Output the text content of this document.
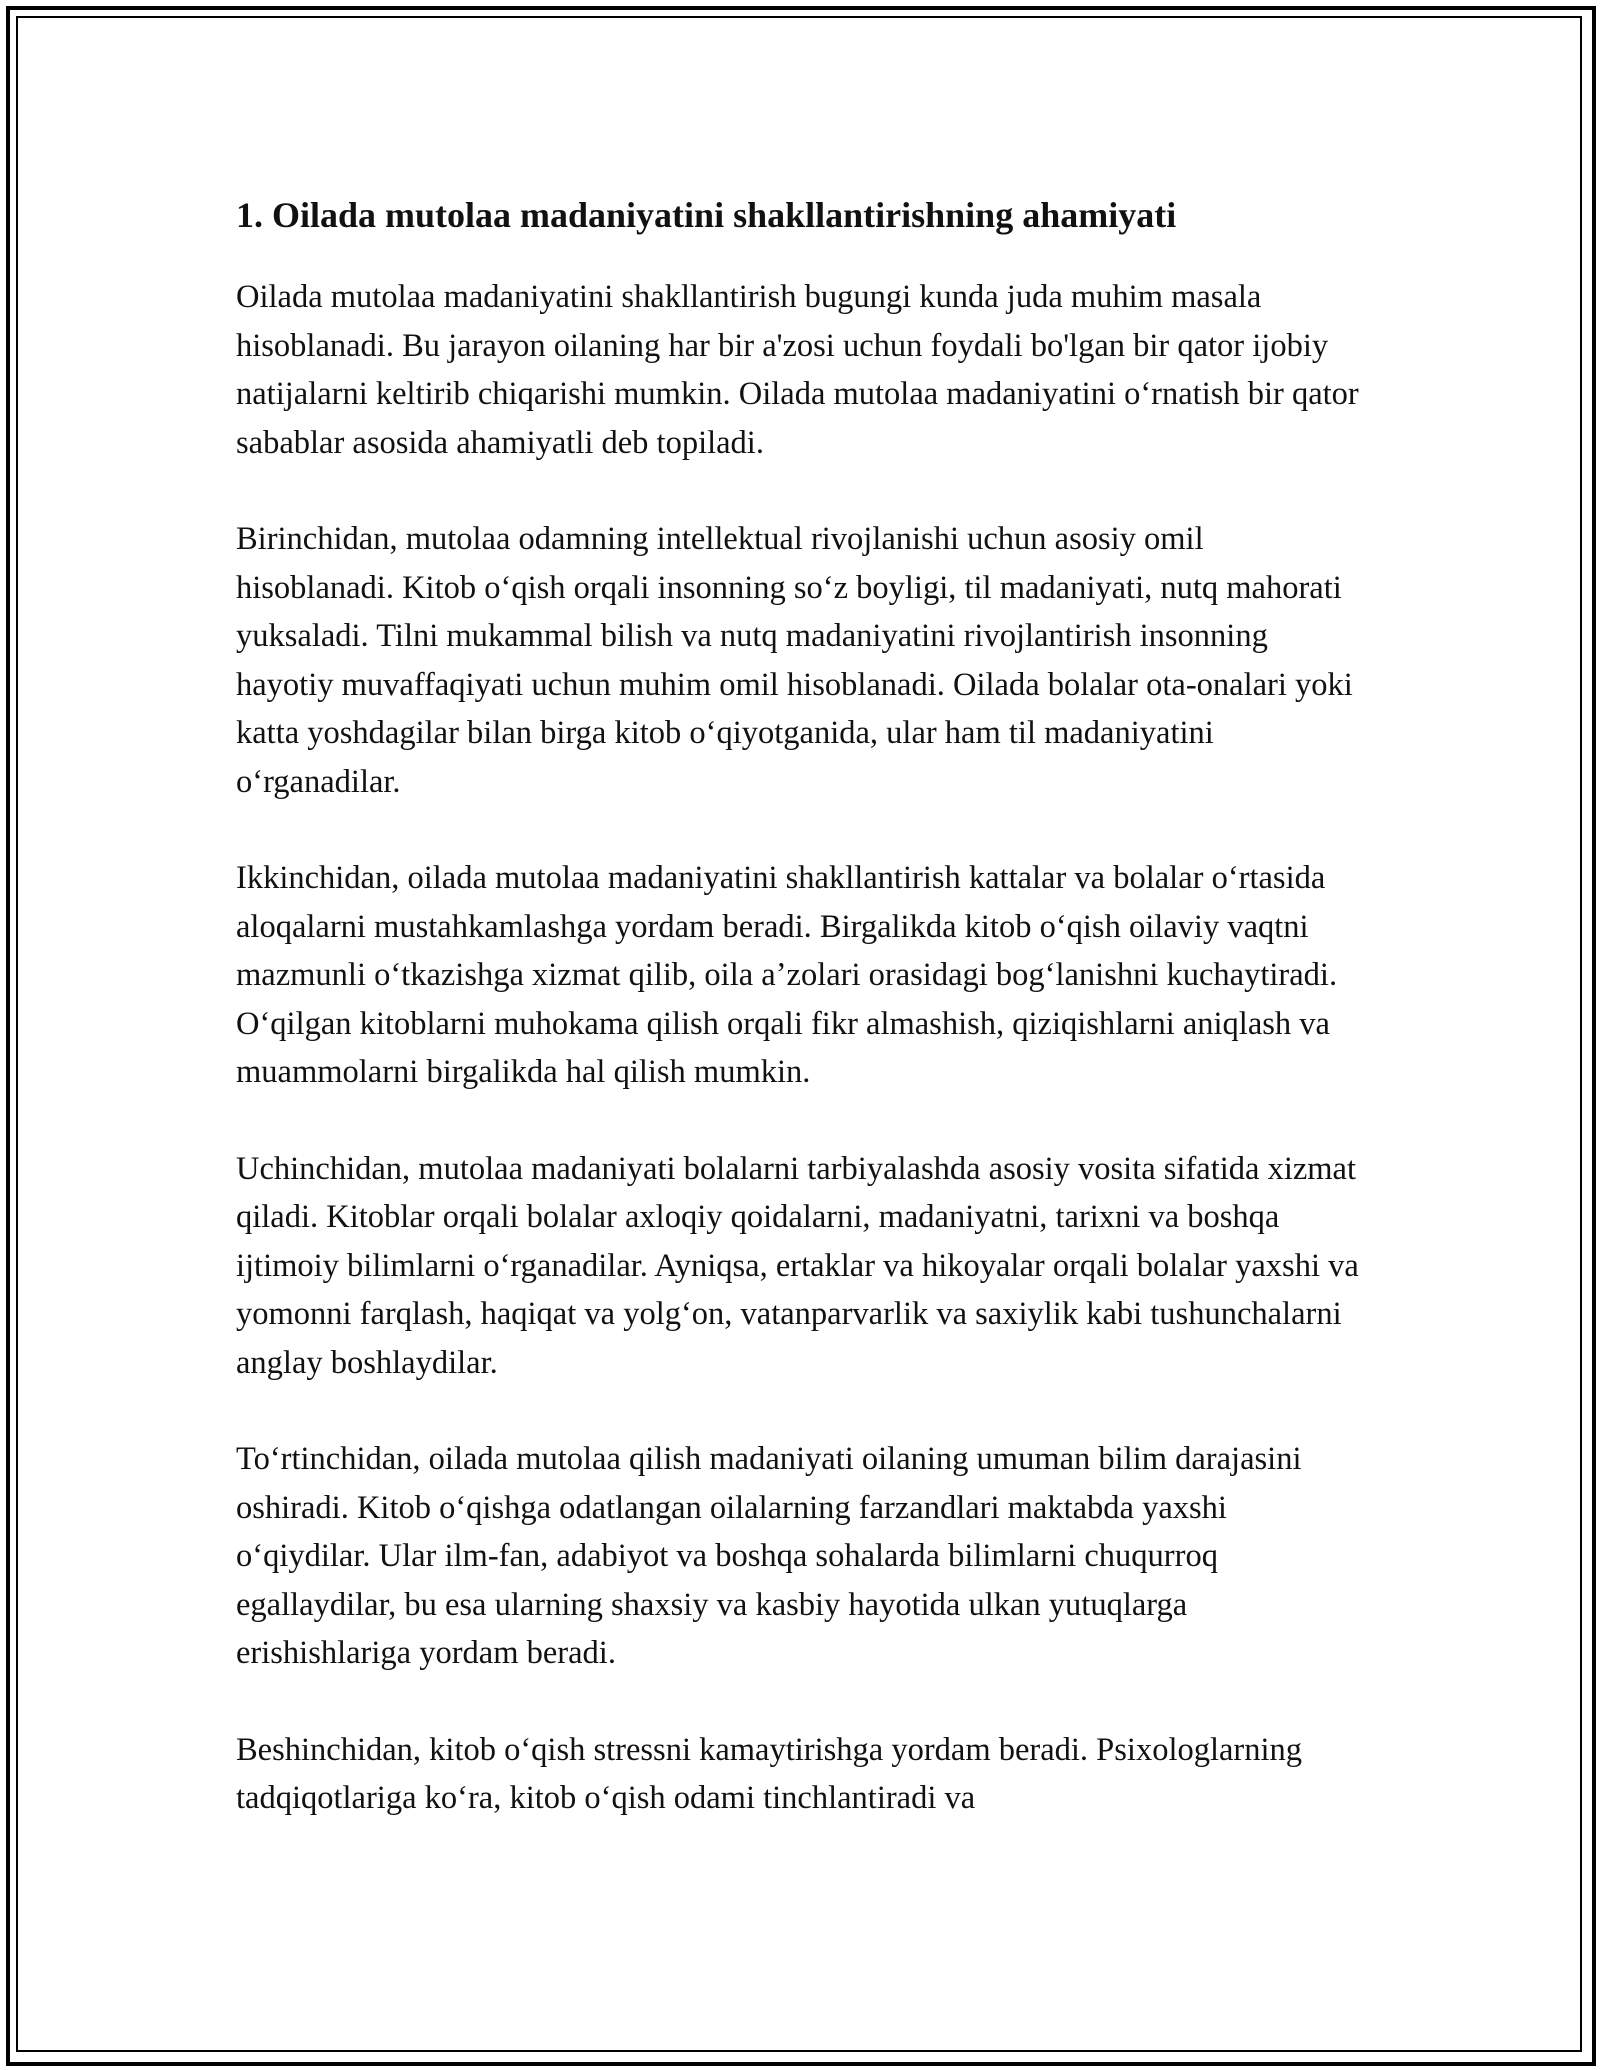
1. Oilada mutolaa madaniyatini shakllantirishning ahamiyati

Oilada mutolaa madaniyatini shakllantirish bugungi kunda juda muhim masala hisoblanadi. Bu jarayon oilaning har bir a'zosi uchun foydali bo'lgan bir qator ijobiy natijalarni keltirib chiqarishi mumkin. Oilada mutolaa madaniyatini oʻrnatish bir qator sabablar asosida ahamiyatli deb topiladi.

Birinchidan, mutolaa odamning intellektual rivojlanishi uchun asosiy omil hisoblanadi. Kitob oʻqish orqali insonning soʻz boyligi, til madaniyati, nutq mahorati yuksaladi. Tilni mukammal bilish va nutq madaniyatini rivojlantirish insonning hayotiy muvaffaqiyati uchun muhim omil hisoblanadi. Oilada bolalar ota-onalari yoki katta yoshdagilar bilan birga kitob oʻqiyotganida, ular ham til madaniyatini oʻrganadilar.

Ikkinchidan, oilada mutolaa madaniyatini shakllantirish kattalar va bolalar oʻrtasida aloqalarni mustahkamlashga yordam beradi. Birgalikda kitob oʻqish oilaviy vaqtni mazmunli oʻtkazishga xizmat qilib, oila aʼzolari orasidagi bogʻlanishni kuchaytiradi. Oʻqilgan kitoblarni muhokama qilish orqali fikr almashish, qiziqishlarni aniqlash va muammolarni birgalikda hal qilish mumkin.

Uchinchidan, mutolaa madaniyati bolalarni tarbiyalashda asosiy vosita sifatida xizmat qiladi. Kitoblar orqali bolalar axloqiy qoidalarni, madaniyatni, tarixni va boshqa ijtimoiy bilimlarni oʻrganadilar. Ayniqsa, ertaklar va hikoyalar orqali bolalar yaxshi va yomonni farqlash, haqiqat va yolgʻon, vatanparvarlik va saxiylik kabi tushunchalarni anglay boshlaydilar.

Toʻrtinchidan, oilada mutolaa qilish madaniyati oilaning umuman bilim darajasini oshiradi. Kitob oʻqishga odatlangan oilalarning farzandlari maktabda yaxshi oʻqiydilar. Ular ilm-fan, adabiyot va boshqa sohalarda bilimlarni chuqurroq egallaydilar, bu esa ularning shaxsiy va kasbiy hayotida ulkan yutuqlarga erishishlariga yordam beradi.

Beshinchidan, kitob oʻqish stressni kamaytirishga yordam beradi. Psixologlarning tadqiqotlariga koʻra, kitob oʻqish odami tinchlantiradi va
